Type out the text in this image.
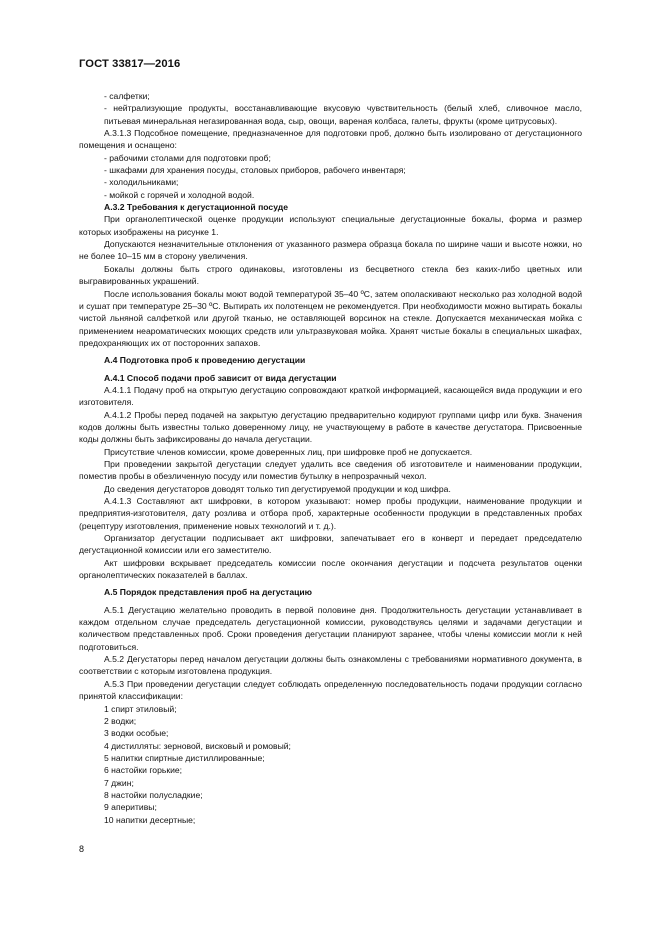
ГОСТ 33817—2016

- салфетки;

- нейтрализующие продукты, восстанавливающие вкусовую чувствительность (белый хлеб, сливочное масло, питьевая минеральная негазированная вода, сыр, овощи, вареная колбаса, галеты, фрукты (кроме цитрусовых).

А.3.1.3 Подсобное помещение, предназначенное для подготовки проб, должно быть изолировано от дегустационного помещения и оснащено:

- рабочими столами для подготовки проб;

- шкафами для хранения посуды, столовых приборов, рабочего инвентаря;

- холодильниками;

- мойкой с горячей и холодной водой.

А.3.2 Требования к дегустационной посуде

При органолептической оценке продукции используют специальные дегустационные бокалы, форма и размер которых изображены на рисунке 1.

Допускаются незначительные отклонения от указанного размера образца бокала по ширине чаши и высоте ножки, но не более 10–15 мм в сторону увеличения.

Бокалы должны быть строго одинаковы, изготовлены из бесцветного стекла без каких-либо цветных или выгравированных украшений.

После использования бокалы моют водой температурой 35–40 ºС, затем ополаскивают несколько раз холодной водой и сушат при температуре 25–30 ºС. Вытирать их полотенцем не рекомендуется. При необходимости можно вытирать бокалы чистой льняной салфеткой или другой тканью, не оставляющей ворсинок на стекле. Допускается механическая мойка с применением неароматических моющих средств или ультразвуковая мойка. Хранят чистые бокалы в специальных шкафах, предохраняющих их от посторонних запахов.

А.4 Подготовка проб к проведению дегустации

А.4.1 Способ подачи проб зависит от вида дегустации

А.4.1.1 Подачу проб на открытую дегустацию сопровождают краткой информацией, касающейся вида продукции и его изготовителя.

А.4.1.2 Пробы перед подачей на закрытую дегустацию предварительно кодируют группами цифр или букв. Значения кодов должны быть известны только доверенному лицу, не участвующему в работе в качестве дегустатора. Присвоенные коды должны быть зафиксированы до начала дегустации.

Присутствие членов комиссии, кроме доверенных лиц, при шифровке проб не допускается.

При проведении закрытой дегустации следует удалить все сведения об изготовителе и наименовании продукции, поместив пробы в обезличенную посуду или поместив бутылку в непрозрачный чехол.

До сведения дегустаторов доводят только тип дегустируемой продукции и код шифра.

А.4.1.3 Составляют акт шифровки, в котором указывают: номер пробы продукции, наименование продукции и предприятия-изготовителя, дату розлива и отбора проб, характерные особенности продукции в представленных пробах (рецептуру изготовления, применение новых технологий и т. д.).

Организатор дегустации подписывает акт шифровки, запечатывает его в конверт и передает председателю дегустационной комиссии или его заместителю.

Акт шифровки вскрывает председатель комиссии после окончания дегустации и подсчета результатов оценки органолептических показателей в баллах.

А.5 Порядок представления проб на дегустацию

А.5.1 Дегустацию желательно проводить в первой половине дня. Продолжительность дегустации устанавливает в каждом отдельном случае председатель дегустационной комиссии, руководствуясь целями и задачами дегустации и количеством представленных проб. Сроки проведения дегустации планируют заранее, чтобы члены комиссии могли к ней подготовиться.

А.5.2 Дегустаторы перед началом дегустации должны быть ознакомлены с требованиями нормативного документа, в соответствии с которым изготовлена продукция.

А.5.3 При проведении дегустации следует соблюдать определенную последовательность подачи продукции согласно принятой классификации:

1 спирт этиловый;

2 водки;

3 водки особые;

4 дистилляты: зерновой, висковый и ромовый;

5 напитки спиртные дистиллированные;

6 настойки горькие;

7 джин;

8 настойки полусладкие;

9 аперитивы;

10 напитки десертные;

8
